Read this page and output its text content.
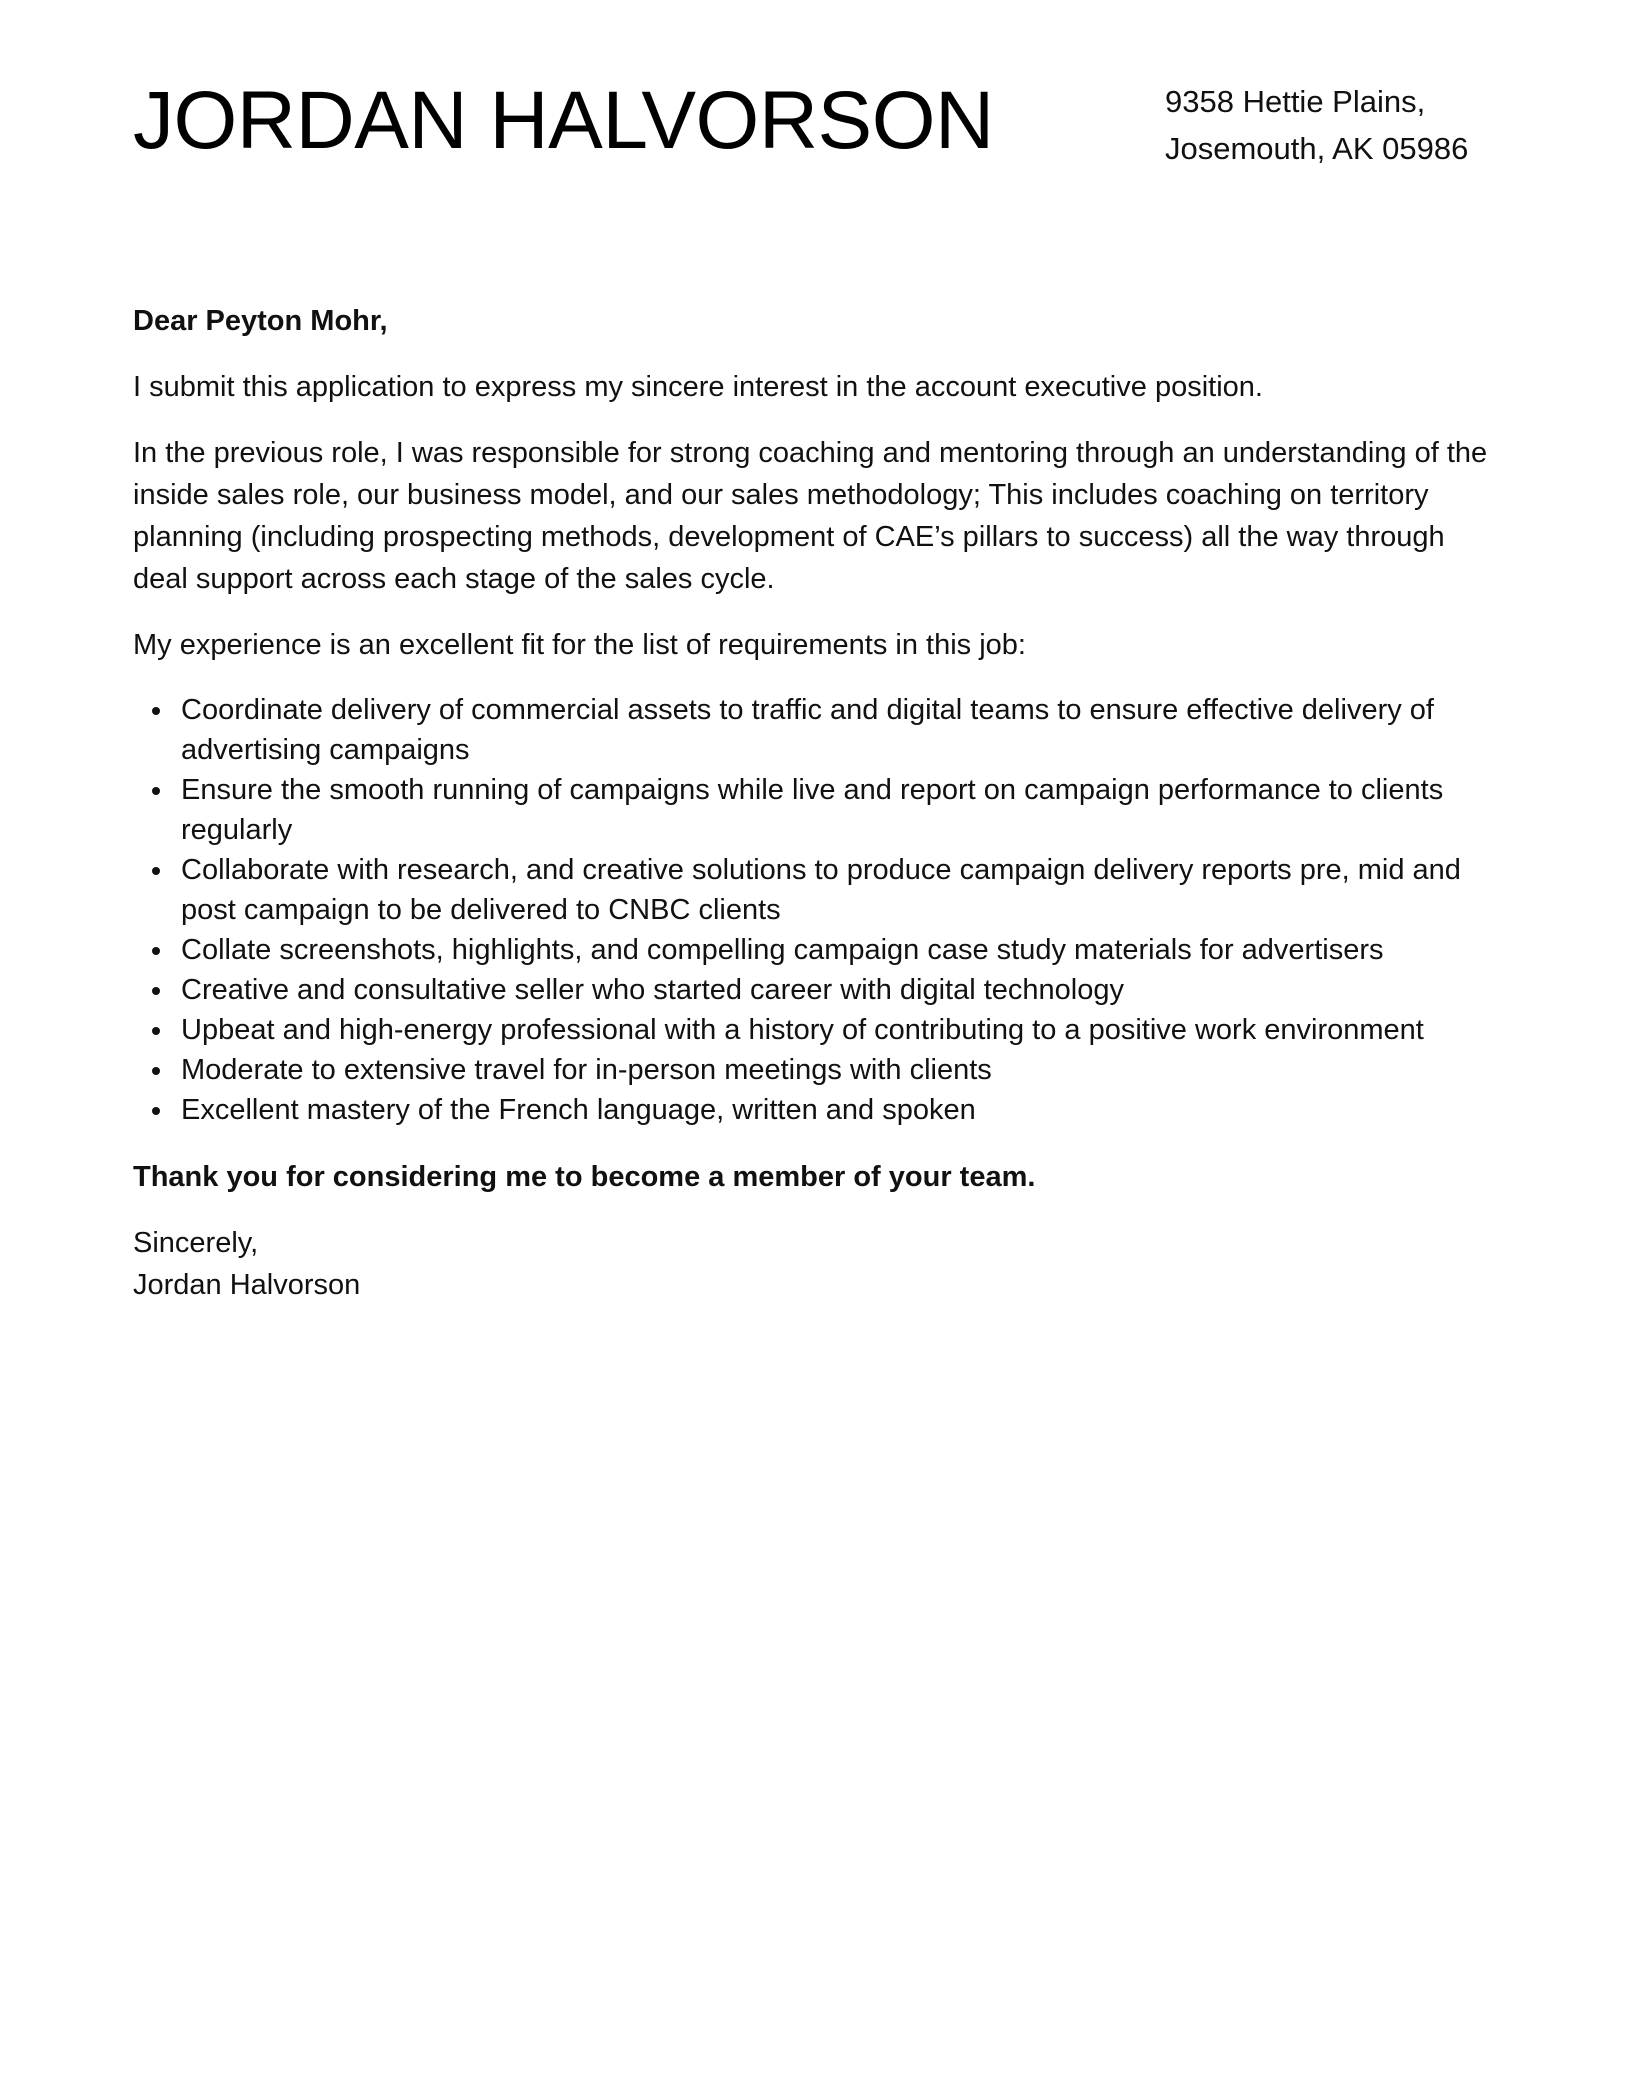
JORDAN HALVORSON	9358 Hettie Plains,
Josemouth, AK 05986

Dear Peyton Mohr,

I submit this application to express my sincere interest in the account executive position.

In the previous role, I was responsible for strong coaching and mentoring through an understanding of the inside sales role, our business model, and our sales methodology; This includes coaching on territory planning (including prospecting methods, development of CAE’s pillars to success) all the way through deal support across each stage of the sales cycle.

My experience is an excellent fit for the list of requirements in this job:

Coordinate delivery of commercial assets to traffic and digital teams to ensure effective delivery of advertising campaigns
Ensure the smooth running of campaigns while live and report on campaign performance to clients regularly
Collaborate with research, and creative solutions to produce campaign delivery reports pre, mid and post campaign to be delivered to CNBC clients
Collate screenshots, highlights, and compelling campaign case study materials for advertisers
Creative and consultative seller who started career with digital technology
Upbeat and high-energy professional with a history of contributing to a positive work environment
Moderate to extensive travel for in-person meetings with clients
Excellent mastery of the French language, written and spoken

Thank you for considering me to become a member of your team.

Sincerely,
Jordan Halvorson
